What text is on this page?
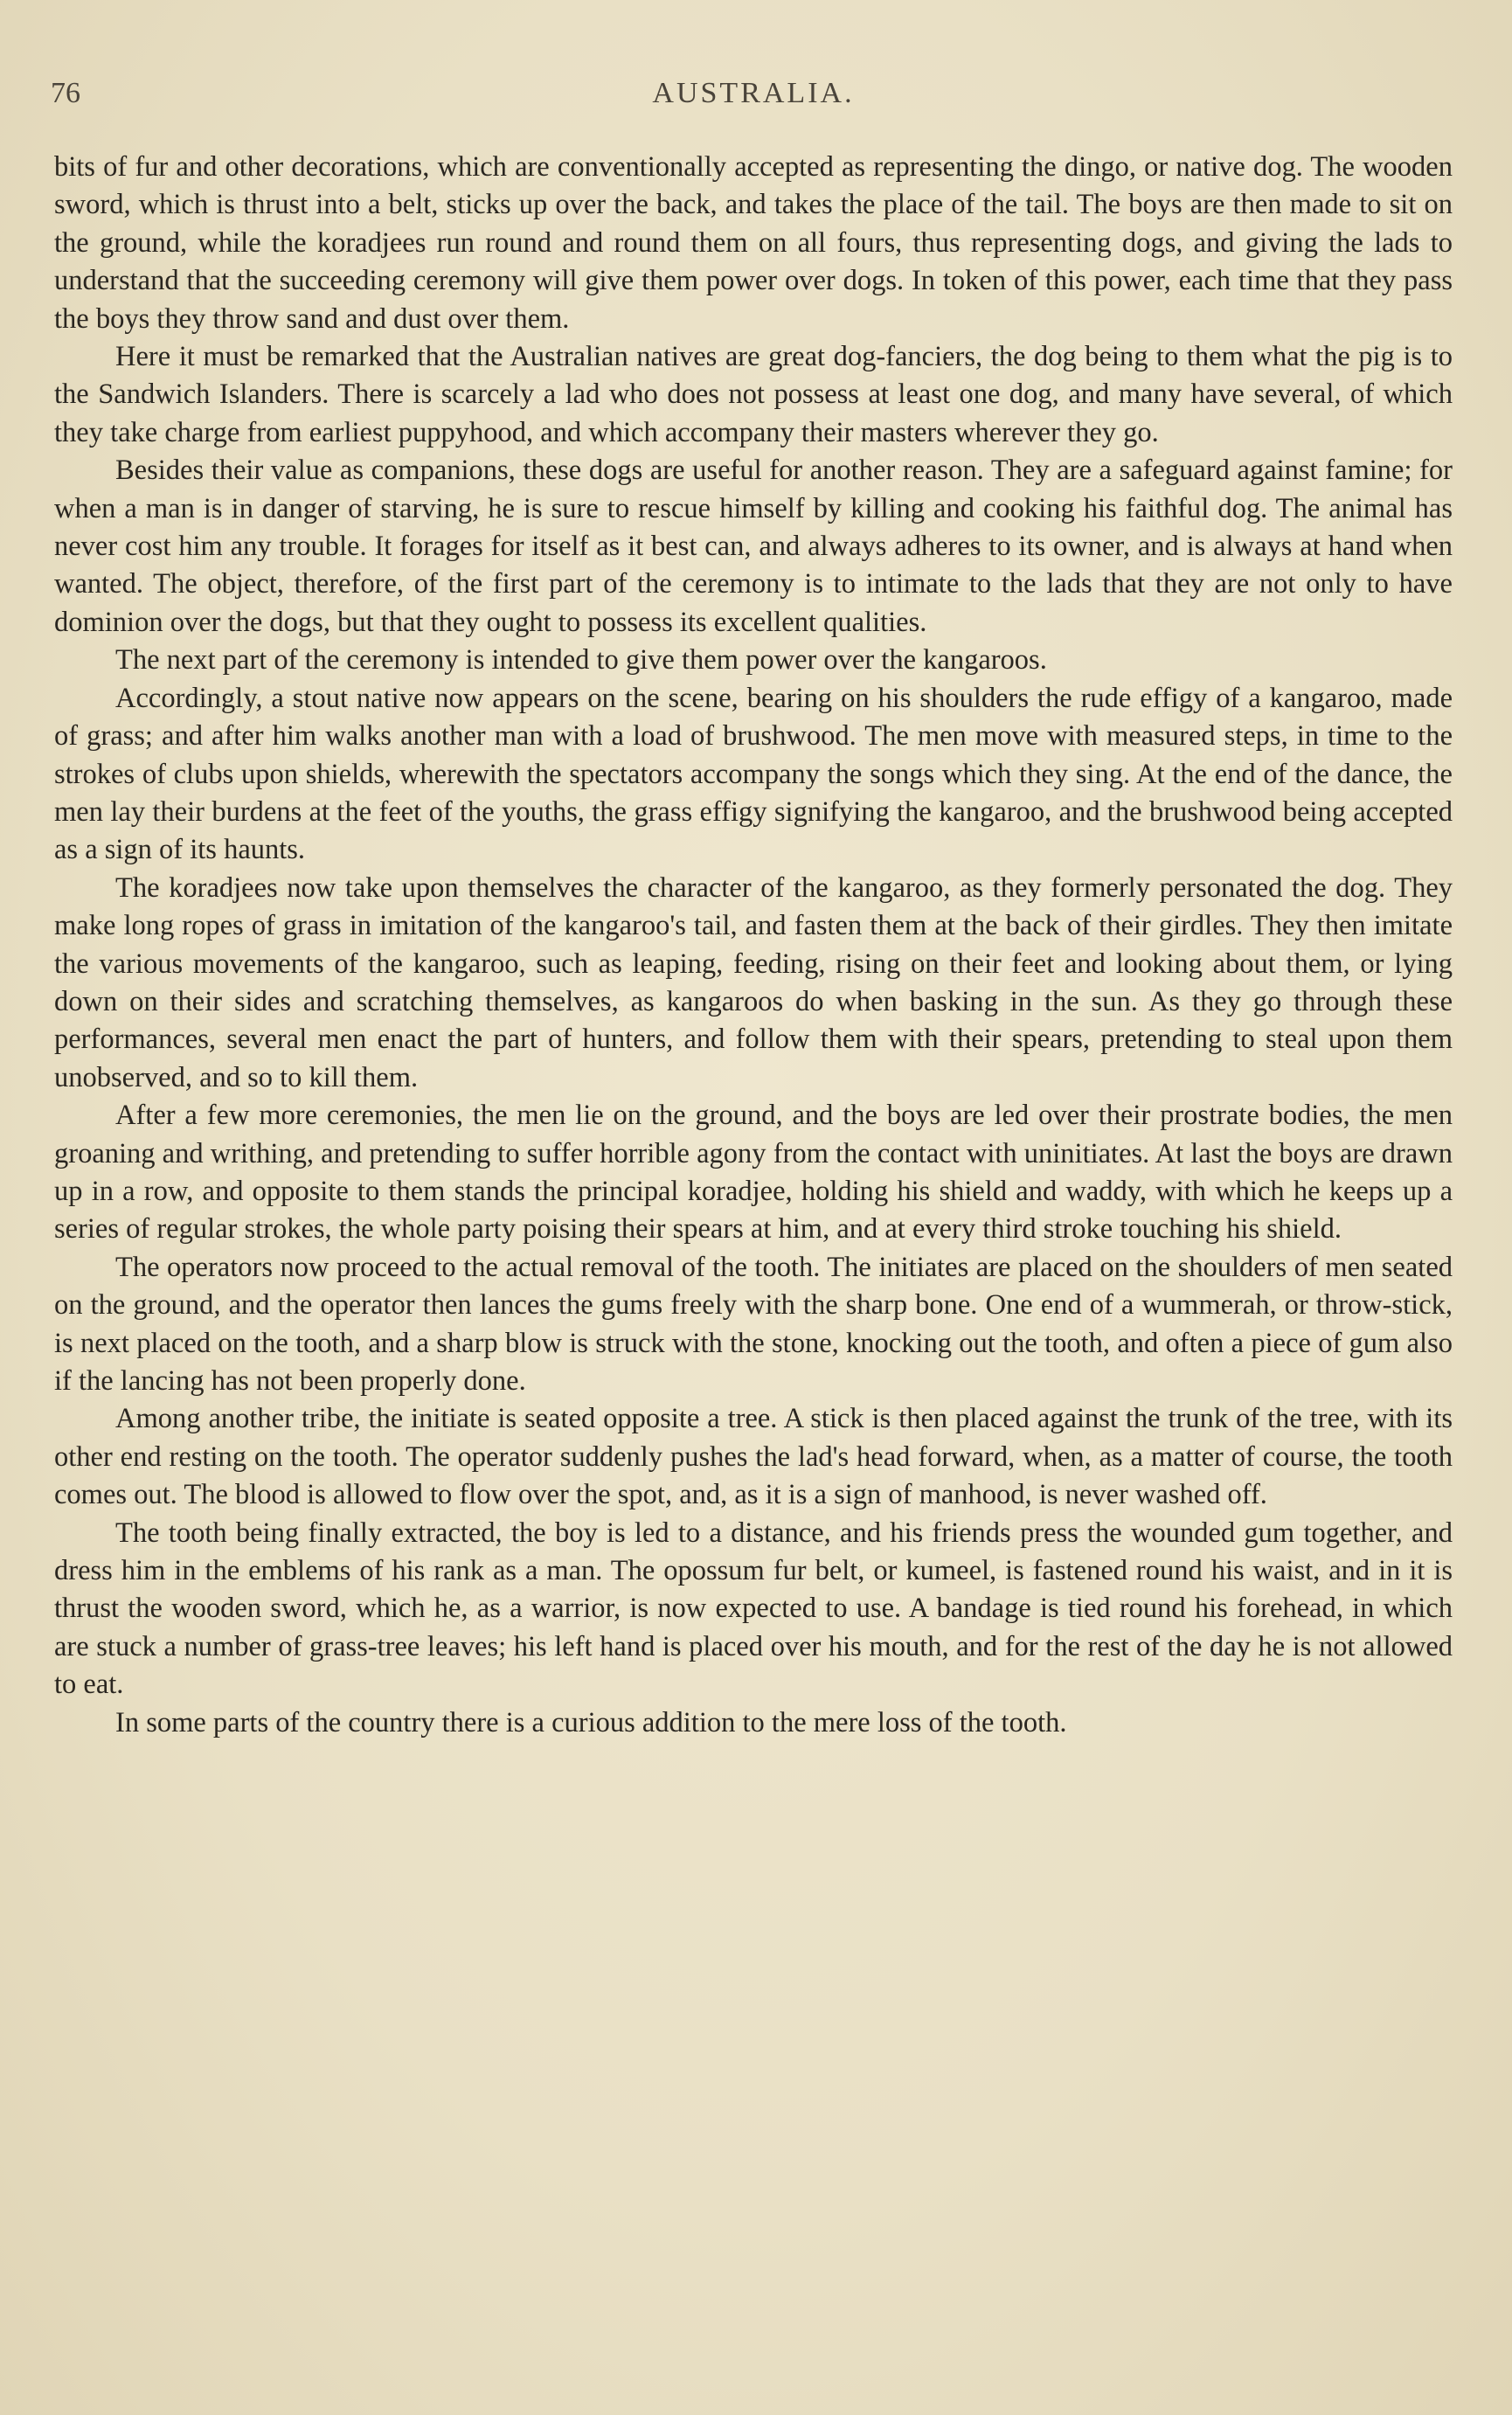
76	AUSTRALIA.

bits of fur and other decorations, which are conventionally accepted as representing the dingo, or native dog. The wooden sword, which is thrust into a belt, sticks up over the back, and takes the place of the tail. The boys are then made to sit on the ground, while the koradjees run round and round them on all fours, thus representing dogs, and giving the lads to understand that the succeeding ceremony will give them power over dogs. In token of this power, each time that they pass the boys they throw sand and dust over them.

Here it must be remarked that the Australian natives are great dog-fanciers, the dog being to them what the pig is to the Sandwich Islanders. There is scarcely a lad who does not possess at least one dog, and many have several, of which they take charge from earliest puppyhood, and which accompany their masters wherever they go.

Besides their value as companions, these dogs are useful for another reason. They are a safeguard against famine; for when a man is in danger of starving, he is sure to rescue himself by killing and cooking his faithful dog. The animal has never cost him any trouble. It forages for itself as it best can, and always adheres to its owner, and is always at hand when wanted. The object, therefore, of the first part of the ceremony is to intimate to the lads that they are not only to have dominion over the dogs, but that they ought to possess its excellent qualities.

The next part of the ceremony is intended to give them power over the kangaroos.

Accordingly, a stout native now appears on the scene, bearing on his shoulders the rude effigy of a kangaroo, made of grass; and after him walks another man with a load of brushwood. The men move with measured steps, in time to the strokes of clubs upon shields, wherewith the spectators accompany the songs which they sing. At the end of the dance, the men lay their burdens at the feet of the youths, the grass effigy signifying the kangaroo, and the brushwood being accepted as a sign of its haunts.

The koradjees now take upon themselves the character of the kangaroo, as they formerly personated the dog. They make long ropes of grass in imitation of the kangaroo's tail, and fasten them at the back of their girdles. They then imitate the various movements of the kangaroo, such as leaping, feeding, rising on their feet and looking about them, or lying down on their sides and scratching themselves, as kangaroos do when basking in the sun. As they go through these performances, several men enact the part of hunters, and follow them with their spears, pretending to steal upon them unobserved, and so to kill them.

After a few more ceremonies, the men lie on the ground, and the boys are led over their prostrate bodies, the men groaning and writhing, and pretending to suffer horrible agony from the contact with uninitiates. At last the boys are drawn up in a row, and opposite to them stands the principal koradjee, holding his shield and waddy, with which he keeps up a series of regular strokes, the whole party poising their spears at him, and at every third stroke touching his shield.

The operators now proceed to the actual removal of the tooth. The initiates are placed on the shoulders of men seated on the ground, and the operator then lances the gums freely with the sharp bone. One end of a wummerah, or throw-stick, is next placed on the tooth, and a sharp blow is struck with the stone, knocking out the tooth, and often a piece of gum also if the lancing has not been properly done.

Among another tribe, the initiate is seated opposite a tree. A stick is then placed against the trunk of the tree, with its other end resting on the tooth. The operator suddenly pushes the lad's head forward, when, as a matter of course, the tooth comes out. The blood is allowed to flow over the spot, and, as it is a sign of manhood, is never washed off.

The tooth being finally extracted, the boy is led to a distance, and his friends press the wounded gum together, and dress him in the emblems of his rank as a man. The opossum fur belt, or kumeel, is fastened round his waist, and in it is thrust the wooden sword, which he, as a warrior, is now expected to use. A bandage is tied round his forehead, in which are stuck a number of grass-tree leaves; his left hand is placed over his mouth, and for the rest of the day he is not allowed to eat.

In some parts of the country there is a curious addition to the mere loss of the tooth.
